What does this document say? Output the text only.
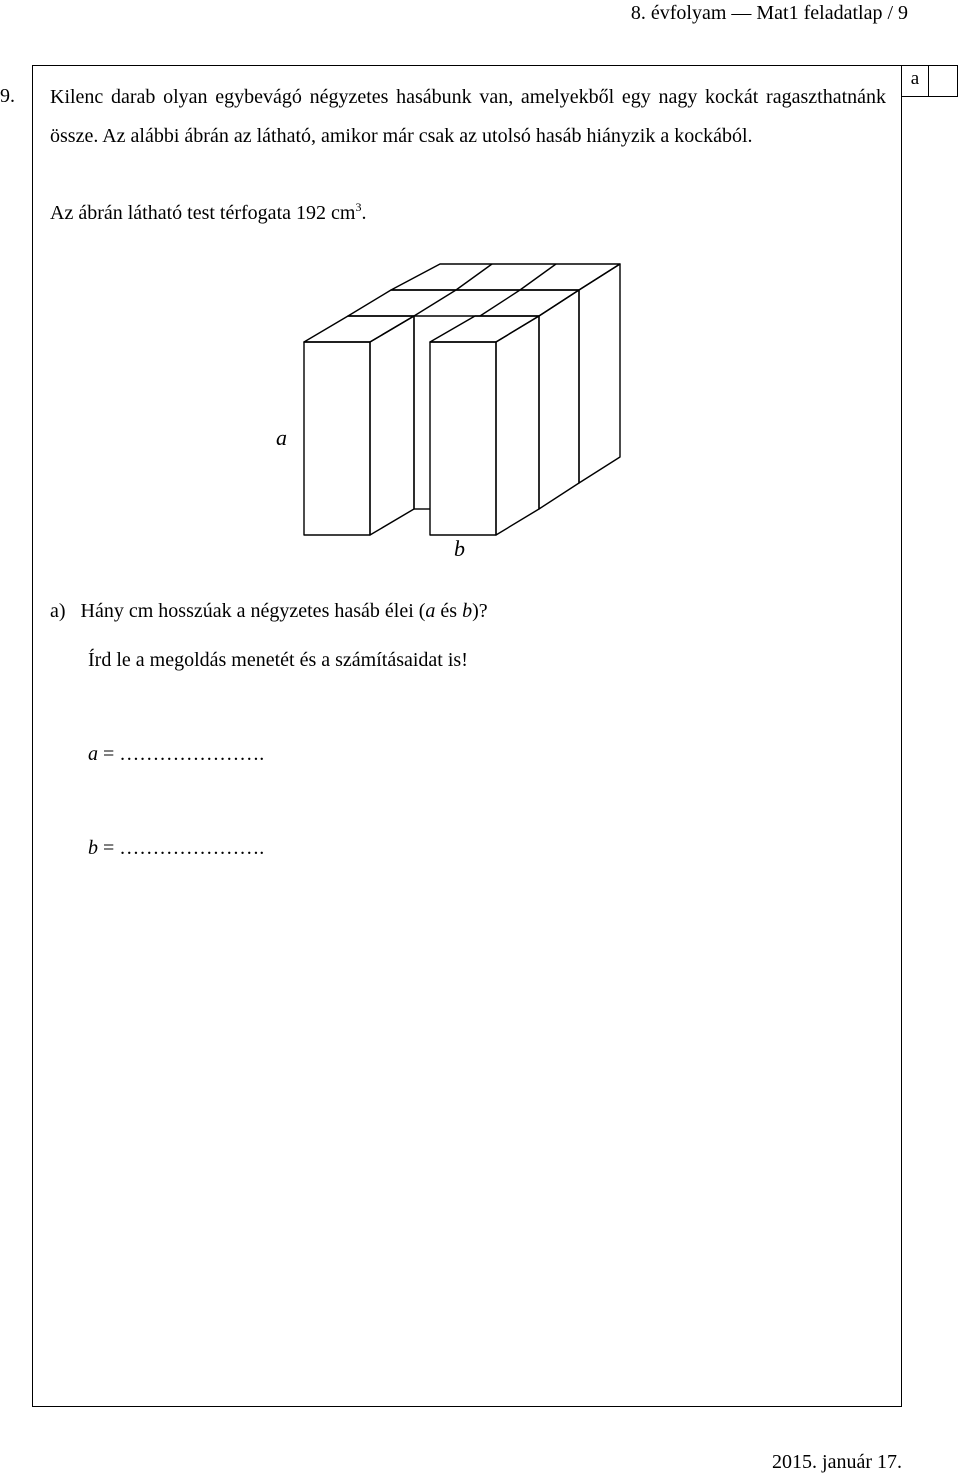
8. évfolyam — Mat1 feladatlap / 9
a
9. Kilenc darab olyan egybevágó négyzetes hasábunk van, amelyekből egy nagy kockát ragaszthatnánk össze. Az alábbi ábrán az látható, amikor már csak az utolsó hasáb hiányzik a kockából.

Az ábrán látható test térfogata 192 $cm^3$.

a
b
a) Hány cm hosszúak a négyzetes hasáb élei (a és b)?
Írd le a megoldás menetét és a számításaidat is!
a = ………………….
b = ………………….
2015. január 17.
